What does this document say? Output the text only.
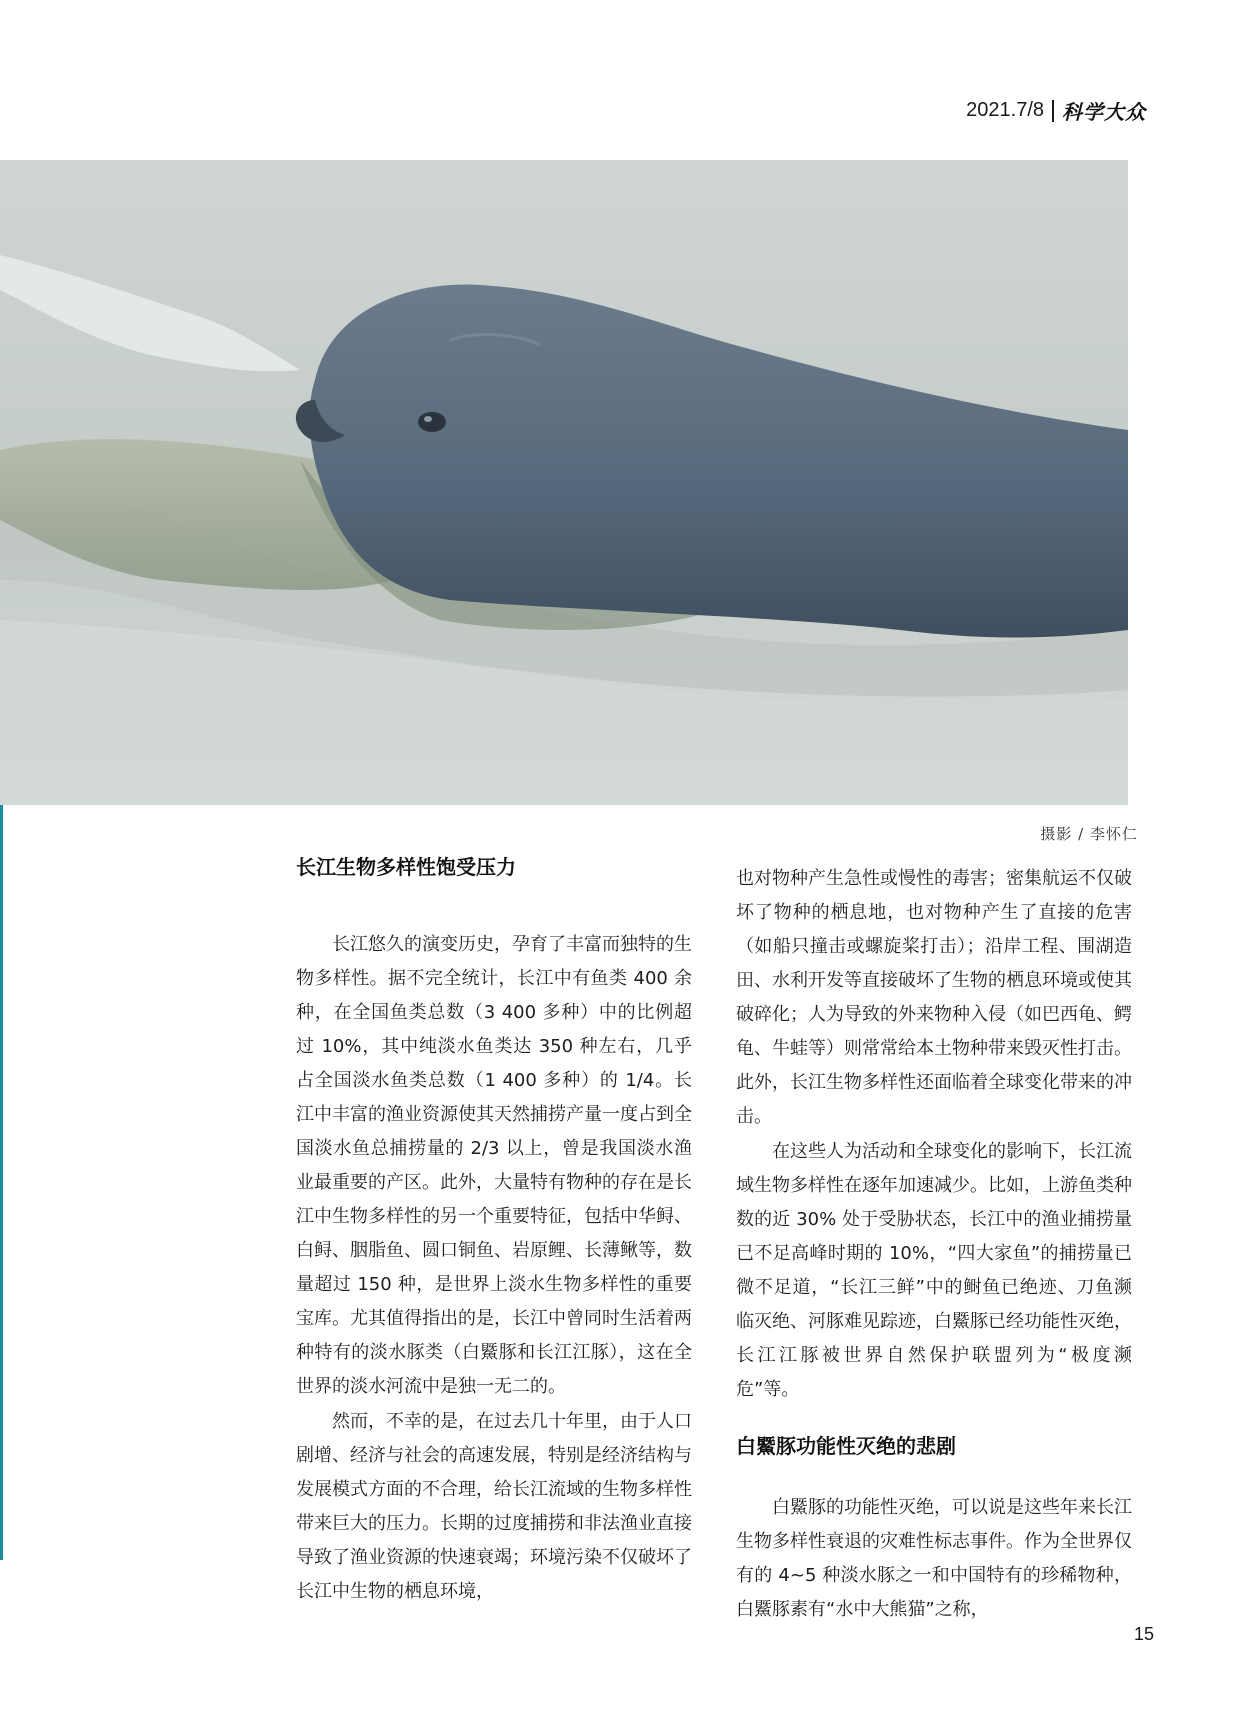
2021.7/8 科学大众
摄影 / 李怀仁
长江生物多样性饱受压力

长江悠久的演变历史，孕育了丰富而独特的生物多样性。据不完全统计，长江中有鱼类 400 余种，在全国鱼类总数（3 400 多种）中的比例超过 10%，其中纯淡水鱼类达 350 种左右，几乎占全国淡水鱼类总数（1 400 多种）的 1/4。长江中丰富的渔业资源使其天然捕捞产量一度占到全国淡水鱼总捕捞量的 2/3 以上，曾是我国淡水渔业最重要的产区。此外，大量特有物种的存在是长江中生物多样性的另一个重要特征，包括中华鲟、白鲟、胭脂鱼、圆口铜鱼、岩原鲤、长薄鳅等，数量超过 150 种，是世界上淡水生物多样性的重要宝库。尤其值得指出的是，长江中曾同时生活着两种特有的淡水豚类（白鱀豚和长江江豚），这在全世界的淡水河流中是独一无二的。

然而，不幸的是，在过去几十年里，由于人口剧增、经济与社会的高速发展，特别是经济结构与发展模式方面的不合理，给长江流域的生物多样性带来巨大的压力。长期的过度捕捞和非法渔业直接导致了渔业资源的快速衰竭；环境污染不仅破坏了长江中生物的栖息环境，

也对物种产生急性或慢性的毒害；密集航运不仅破坏了物种的栖息地，也对物种产生了直接的危害（如船只撞击或螺旋桨打击）；沿岸工程、围湖造田、水利开发等直接破坏了生物的栖息环境或使其破碎化；人为导致的外来物种入侵（如巴西龟、鳄龟、牛蛙等）则常常给本土物种带来毁灭性打击。此外，长江生物多样性还面临着全球变化带来的冲击。

在这些人为活动和全球变化的影响下，长江流域生物多样性在逐年加速减少。比如，上游鱼类种数的近 30% 处于受胁状态，长江中的渔业捕捞量已不足高峰时期的 10%，“四大家鱼”的捕捞量已微不足道，“长江三鲜”中的鲥鱼已绝迹、刀鱼濒临灭绝、河豚难见踪迹，白鱀豚已经功能性灭绝，长江江豚被世界自然保护联盟列为“极度濒危”等。

白鱀豚功能性灭绝的悲剧

白鱀豚的功能性灭绝，可以说是这些年来长江生物多样性衰退的灾难性标志事件。作为全世界仅有的 4~5 种淡水豚之一和中国特有的珍稀物种，白鱀豚素有“水中大熊猫”之称，

15
